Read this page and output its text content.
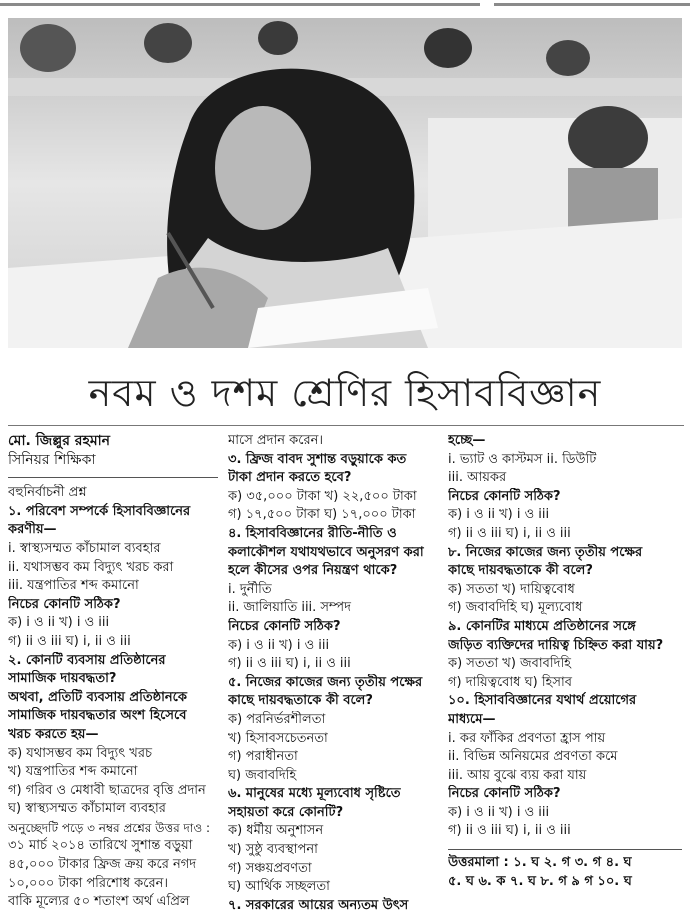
নবম ও দশম শ্রেণির হিসাববিজ্ঞান
মো. জিল্লুর রহমান
সিনিয়র শিক্ষিকা
বহুনির্বাচনী প্রশ্ন
১. পরিবেশ সম্পর্কে হিসাববিজ্ঞানের
করণীয়—
i. স্বাস্থ্যসম্মত কাঁচামাল ব্যবহার
ii. যথাসম্ভব কম বিদ্যুৎ খরচ করা
iii. যন্ত্রপাতির শব্দ কমানো
নিচের কোনটি সঠিক?
ক) i ও ii খ) i ও iii
গ) ii ও iii ঘ) i, ii ও iii
২. কোনটি ব্যবসায় প্রতিষ্ঠানের
সামাজিক দায়বদ্ধতা?
অথবা, প্রতিটি ব্যবসায় প্রতিষ্ঠানকে
সামাজিক দায়বদ্ধতার অংশ হিসেবে
খরচ করতে হয়—
ক) যথাসম্ভব কম বিদ্যুৎ খরচ
খ) যন্ত্রপাতির শব্দ কমানো
গ) গরিব ও মেধাবী ছাত্রদের বৃত্তি প্রদান
ঘ) স্বাস্থ্যসম্মত কাঁচামাল ব্যবহার
অনুচ্ছেদটি পড়ে ৩ নম্বর প্রশ্নের উত্তর দাও :
৩১ মার্চ ২০১৪ তারিখে সুশান্ত বড়ুয়া
৪৫,০০০ টাকার ফ্রিজ ক্রয় করে নগদ
১০,০০০ টাকা পরিশোধ করেন।
বাকি মূল্যের ৫০ শতাংশ অর্থ এপ্রিল
মাসে প্রদান করেন।
৩. ফ্রিজ বাবদ সুশান্ত বড়ুয়াকে কত
টাকা প্রদান করতে হবে?
ক) ৩৫,০০০ টাকা খ) ২২,৫০০ টাকা
গ) ১৭,৫০০ টাকা ঘ) ১৭,০০০ টাকা
৪. হিসাববিজ্ঞানের রীতি-নীতি ও
কলাকৌশল যথাযথভাবে অনুসরণ করা
হলে কীসের ওপর নিয়ন্ত্রণ থাকে?
i. দুর্নীতি
ii. জালিয়াতি iii. সম্পদ
নিচের কোনটি সঠিক?
ক) i ও ii খ) i ও iii
গ) ii ও iii ঘ) i, ii ও iii
৫. নিজের কাজের জন্য তৃতীয় পক্ষের
কাছে দায়বদ্ধতাকে কী বলে?
ক) পরনির্ভরশীলতা
খ) হিসাবসচেতনতা
গ) পরাধীনতা
ঘ) জবাবদিহি
৬. মানুষের মধ্যে মূল্যবোধ সৃষ্টিতে
সহায়তা করে কোনটি?
ক) ধর্মীয় অনুশাসন
খ) সুষ্ঠু ব্যবস্থাপনা
গ) সঞ্চয়প্রবণতা
ঘ) আর্থিক সচ্ছলতা
৭. সরকারের আয়ের অন্যতম উৎস
হচ্ছে—
i. ভ্যাট ও কাস্টমস ii. ডিউটি
iii. আয়কর
নিচের কোনটি সঠিক?
ক) i ও ii খ) i ও iii
গ) ii ও iii ঘ) i, ii ও iii
৮. নিজের কাজের জন্য তৃতীয় পক্ষের
কাছে দায়বদ্ধতাকে কী বলে?
ক) সততা খ) দায়িত্ববোধ
গ) জবাবদিহি ঘ) মূল্যবোধ
৯. কোনটির মাধ্যমে প্রতিষ্ঠানের সঙ্গে
জড়িত ব্যক্তিদের দায়িত্ব চিহ্নিত করা যায়?
ক) সততা খ) জবাবদিহি
গ) দায়িত্ববোধ ঘ) হিসাব
১০. হিসাববিজ্ঞানের যথার্থ প্রয়োগের
মাধ্যমে—
i. কর ফাঁকির প্রবণতা হ্রাস পায়
ii. বিভিন্ন অনিয়মের প্রবণতা কমে
iii. আয় বুঝে ব্যয় করা যায়
নিচের কোনটি সঠিক?
ক) i ও ii খ) i ও iii
গ) ii ও iii ঘ) i, ii ও iii
উত্তরমালা : ১. ঘ ২. গ ৩. গ ৪. ঘ
৫. ঘ ৬. ক ৭. ঘ ৮. গ ৯ গ ১০. ঘ
